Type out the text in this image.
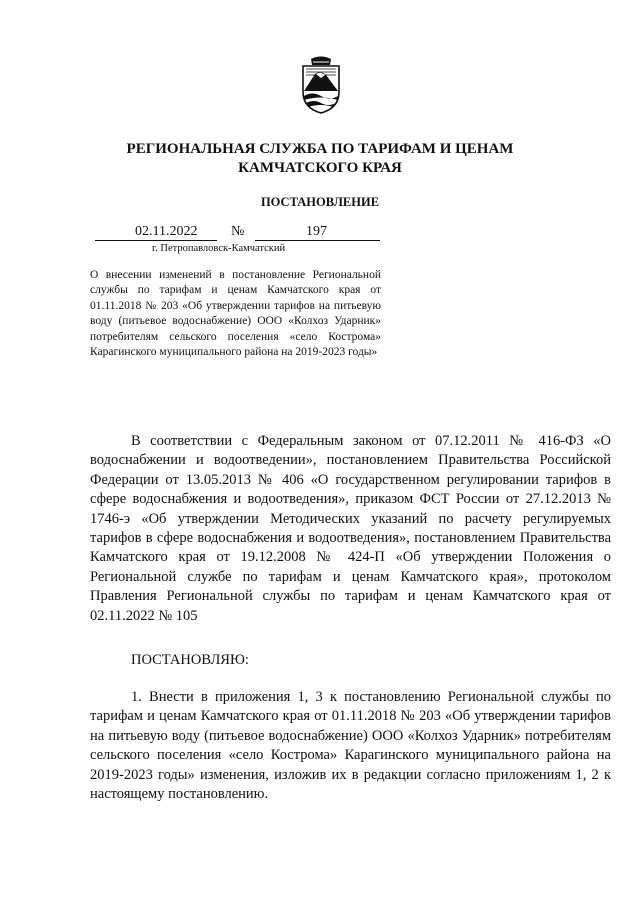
РЕГИОНАЛЬНАЯ СЛУЖБА ПО ТАРИФАМ И ЦЕНАМ
КАМЧАТСКОГО КРАЯ
ПОСТАНОВЛЕНИЕ
02.11.2022 №	197
г. Петропавловск-Камчатский
О внесении изменений в постановление Региональной службы по тарифам и ценам Камчатского края от 01.11.2018 № 203 «Об утверждении тарифов на питьевую воду (питьевое водоснабжение) ООО «Колхоз Ударник» потребителям сельского поселения «село Кострома» Карагинского муниципального района на 2019-2023 годы»
В соответствии с Федеральным законом от 07.12.2011 № 416-ФЗ «О водоснабжении и водоотведении», постановлением Правительства Российской Федерации от 13.05.2013 № 406 «О государственном регулировании тарифов в сфере водоснабжения и водоотведения», приказом ФСТ России от 27.12.2013 № 1746-э «Об утверждении Методических указаний по расчету регулируемых тарифов в сфере водоснабжения и водоотведения», постановлением Правительства Камчатского края от 19.12.2008 № 424-П «Об утверждении Положения о Региональной службе по тарифам и ценам Камчатского края», протоколом Правления Региональной службы по тарифам и ценам Камчатского края от 02.11.2022 № 105
ПОСТАНОВЛЯЮ:
1. Внести в приложения 1, 3 к постановлению Региональной службы по тарифам и ценам Камчатского края от 01.11.2018 № 203 «Об утверждении тарифов на питьевую воду (питьевое водоснабжение) ООО «Колхоз Ударник» потребителям сельского поселения «село Кострома» Карагинского муниципального района на 2019-2023 годы» изменения, изложив их в редакции согласно приложениям 1, 2 к настоящему постановлению.
